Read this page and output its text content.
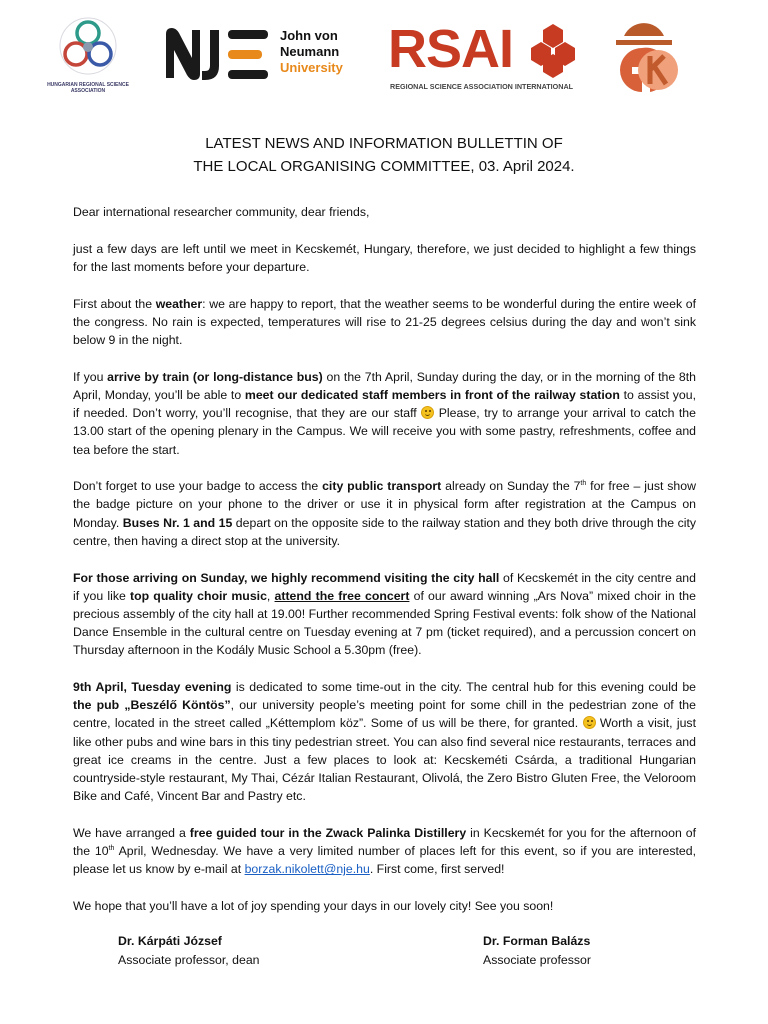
HUNGARIAN REGIONAL SCIENCE ASSOCIATION
John von
Neumann
University RSAI
REGIONAL SCIENCE ASSOCIATION INTERNATIONAL
LATEST NEWS AND INFORMATION BULLETTIN OF
THE LOCAL ORGANISING COMMITTEE, 03. April 2024.

Dear international researcher community, dear friends,

just a few days are left until we meet in Kecskemét, Hungary, therefore, we just decided to highlight a few things for the last moments before your departure.

First about the weather: we are happy to report, that the weather seems to be wonderful during the entire week of the congress. No rain is expected, temperatures will rise to 21-25 degrees celsius during the day and won’t sink below 9 in the night.

If you arrive by train (or long-distance bus) on the 7th April, Sunday during the day, or in the morning of the 8th April, Monday, you’ll be able to meet our dedicated staff members in front of the railway station to assist you, if needed. Don’t worry, you’ll recognise, that they are our staff  Please, try to arrange your arrival to catch the 13.00 start of the opening plenary in the Campus. We will receive you with some pastry, refreshments, coffee and tea before the start.

Don’t forget to use your badge to access the city public transport already on Sunday the 7th for free – just show the badge picture on your phone to the driver or use it in physical form after registration at the Campus on Monday. Buses Nr. 1 and 15 depart on the opposite side to the railway station and they both drive through the city centre, then having a direct stop at the university.

For those arriving on Sunday, we highly recommend visiting the city hall of Kecskemét in the city centre and if you like top quality choir music, attend the free concert of our award winning „Ars Nova” mixed choir in the precious assembly of the city hall at 19.00! Further recommended Spring Festival events: folk show of the National Dance Ensemble in the cultural centre on Tuesday evening at 7 pm (ticket required), and a percussion concert on Thursday afternoon in the Kodály Music School a 5.30pm (free).

9th April, Tuesday evening is dedicated to some time-out in the city. The central hub for this evening could be the pub „Beszélő Köntös”, our university people’s meeting point for some chill in the pedestrian zone of the centre, located in the street called „Kéttemplom köz”. Some of us will be there, for granted.  Worth a visit, just like other pubs and wine bars in this tiny pedestrian street. You can also find several nice restaurants, terraces and great ice creams in the centre. Just a few places to look at: Kecskeméti Csárda, a traditional Hungarian countryside-style restaurant, My Thai, Cézár Italian Restaurant, Olivolá, the Zero Bistro Gluten Free, the Veloroom Bike and Café, Vincent Bar and Pastry etc.

We have arranged a free guided tour in the Zwack Palinka Distillery in Kecskemét for you for the afternoon of the 10th April, Wednesday. We have a very limited number of places left for this event, so if you are interested, please let us know by e-mail at borzak.nikolett@nje.hu. First come, first served!

We hope that you’ll have a lot of joy spending your days in our lovely city! See you soon!

Dr. Kárpáti József
Associate professor, dean
Dr. Forman Balázs
Associate professor
